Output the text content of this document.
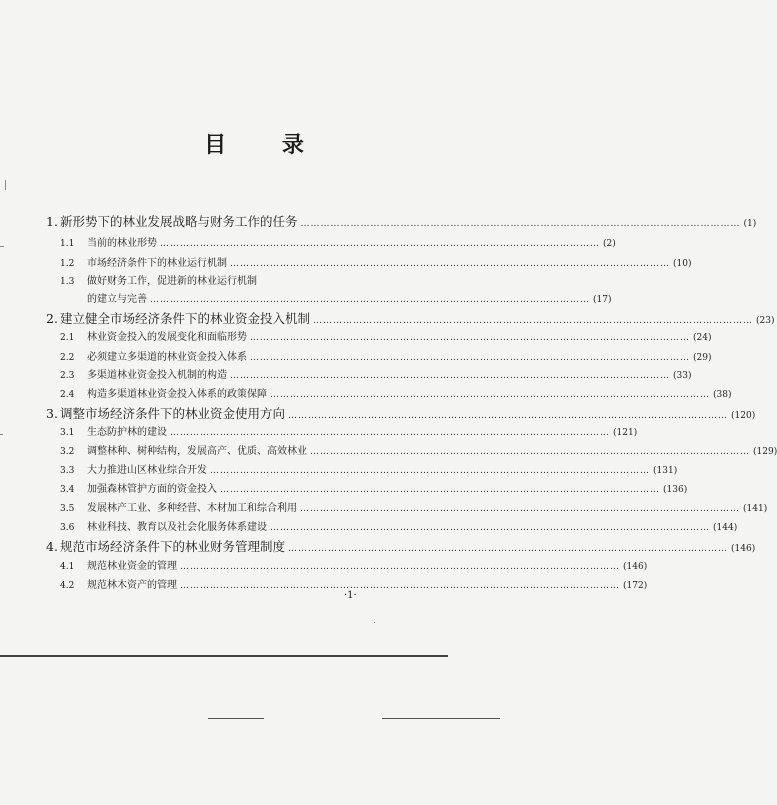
目 录
1. 新形势下的林业发展战略与财务工作的任务 …………………………………………………………………………………………………………………… (1)
1.1	当前的林业形势 …………………………………………………………………………………………………………………… (2)
1.2	市场经济条件下的林业运行机制 …………………………………………………………………………………………………………………… (10)
1.3	做好财务工作，促进新的林业运行机制
的建立与完善 …………………………………………………………………………………………………………………… (17)
2. 建立健全市场经济条件下的林业资金投入机制 …………………………………………………………………………………………………………………… (23)
2.1	林业资金投入的发展变化和面临形势 …………………………………………………………………………………………………………………… (24)
2.2	必须建立多渠道的林业资金投入体系 …………………………………………………………………………………………………………………… (29)
2.3	多渠道林业资金投入机制的构造 …………………………………………………………………………………………………………………… (33)
2.4	构造多渠道林业资金投入体系的政策保障 …………………………………………………………………………………………………………………… (38)
3. 调整市场经济条件下的林业资金使用方向 …………………………………………………………………………………………………………………… (120)
3.1	生态防护林的建设 …………………………………………………………………………………………………………………… (121)
3.2	调整林种、树种结构，发展高产、优质、高效林业 …………………………………………………………………………………………………………………… (129)
3.3	大力推进山区林业综合开发 …………………………………………………………………………………………………………………… (131)
3.4	加强森林管护方面的资金投入 …………………………………………………………………………………………………………………… (136)
3.5	发展林产工业、多种经营、木材加工和综合利用 …………………………………………………………………………………………………………………… (141)
3.6	林业科技、教育以及社会化服务体系建设 …………………………………………………………………………………………………………………… (144)
4. 规范市场经济条件下的林业财务管理制度 …………………………………………………………………………………………………………………… (146)
4.1	规范林业资金的管理 …………………………………………………………………………………………………………………… (146)
4.2	规范林木资产的管理 …………………………………………………………………………………………………………………… (172)
·1·
